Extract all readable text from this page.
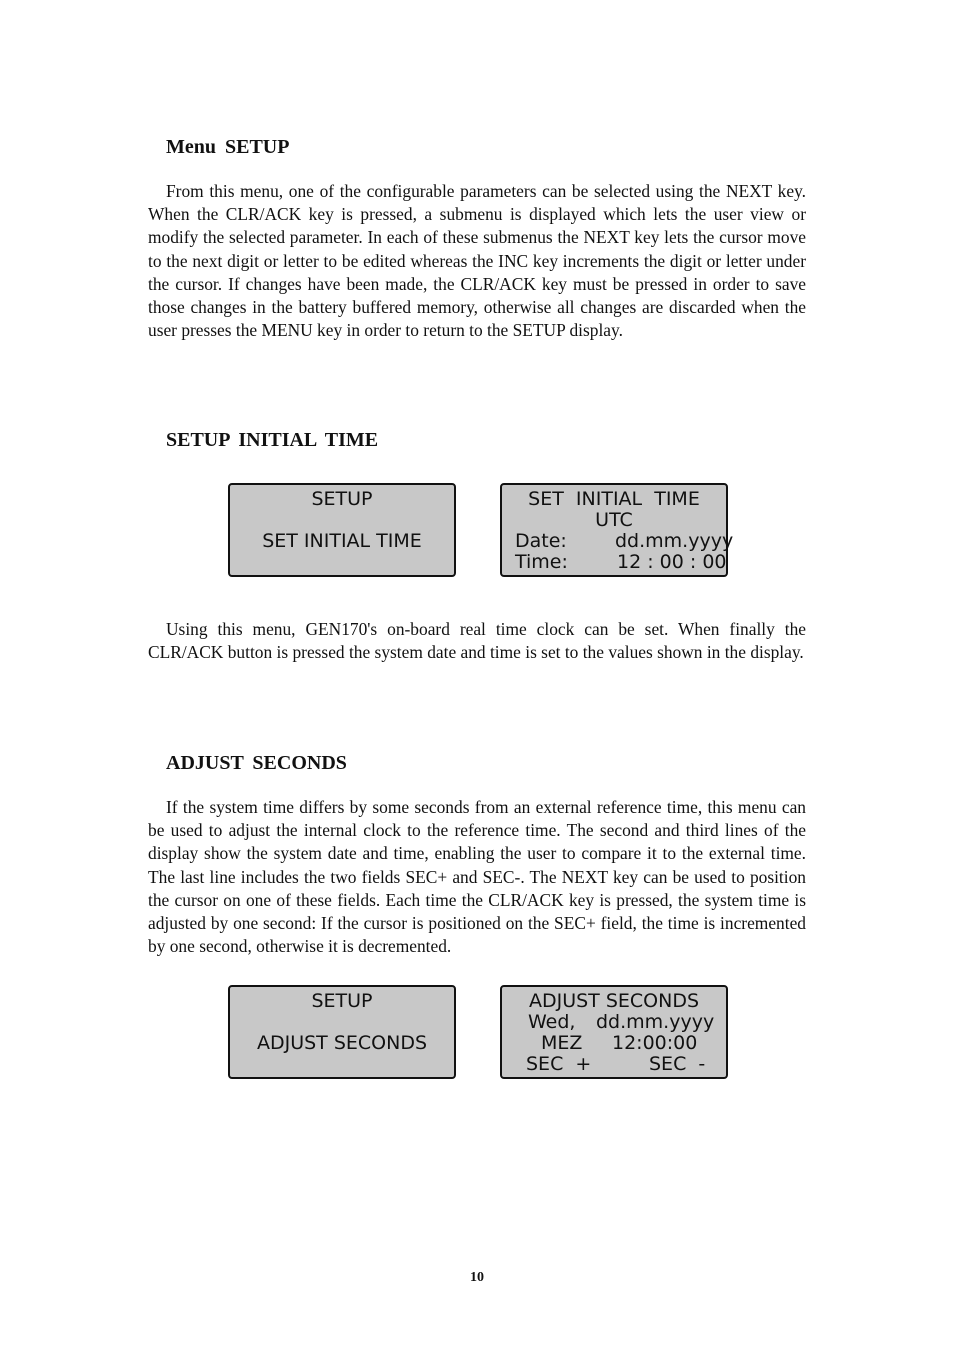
Menu SETUP

From this menu, one of the configurable parameters can be selected using the NEXT key. When the CLR/ACK key is pressed, a submenu is displayed which lets the user view or modify the selected parameter. In each of these submenus the NEXT key lets the cursor move to the next digit or letter to be edited whereas the INC key increments the digit or letter under the cursor. If changes have been made, the CLR/ACK key must be pressed in order to save those changes in the battery buffered memory, otherwise all changes are discarded when the user presses the MENU key in order to return to the SETUP display.

SETUP INITIAL TIME
SETUP
SET INITIAL TIME
SET  INITIAL  TIME
UTC
Date:	dd.mm.yyyy
Time:	12 : 00 : 00

Using this menu, GEN170's on-board real time clock can be set. When finally the CLR/ACK button is pressed the system date and time is set to the values shown in the display.

ADJUST SECONDS

If the system time differs by some seconds from an external reference time, this menu can be used to adjust the internal clock to the reference time. The second and third lines of the display show the system date and time, enabling the user to compare it to the external time. The last line includes the two fields SEC+ and SEC-. The NEXT key can be used to position the cursor on one of these fields. Each time the CLR/ACK key is pressed, the system time is adjusted by one second: If the cursor is positioned on the SEC+ field, the time is incremented by one second, otherwise it is decremented.

SETUP
ADJUST SECONDS
ADJUST SECONDS
Wed, dd.mm.yyyy
MEZ 12:00:00
SEC  +	SEC  -
10
